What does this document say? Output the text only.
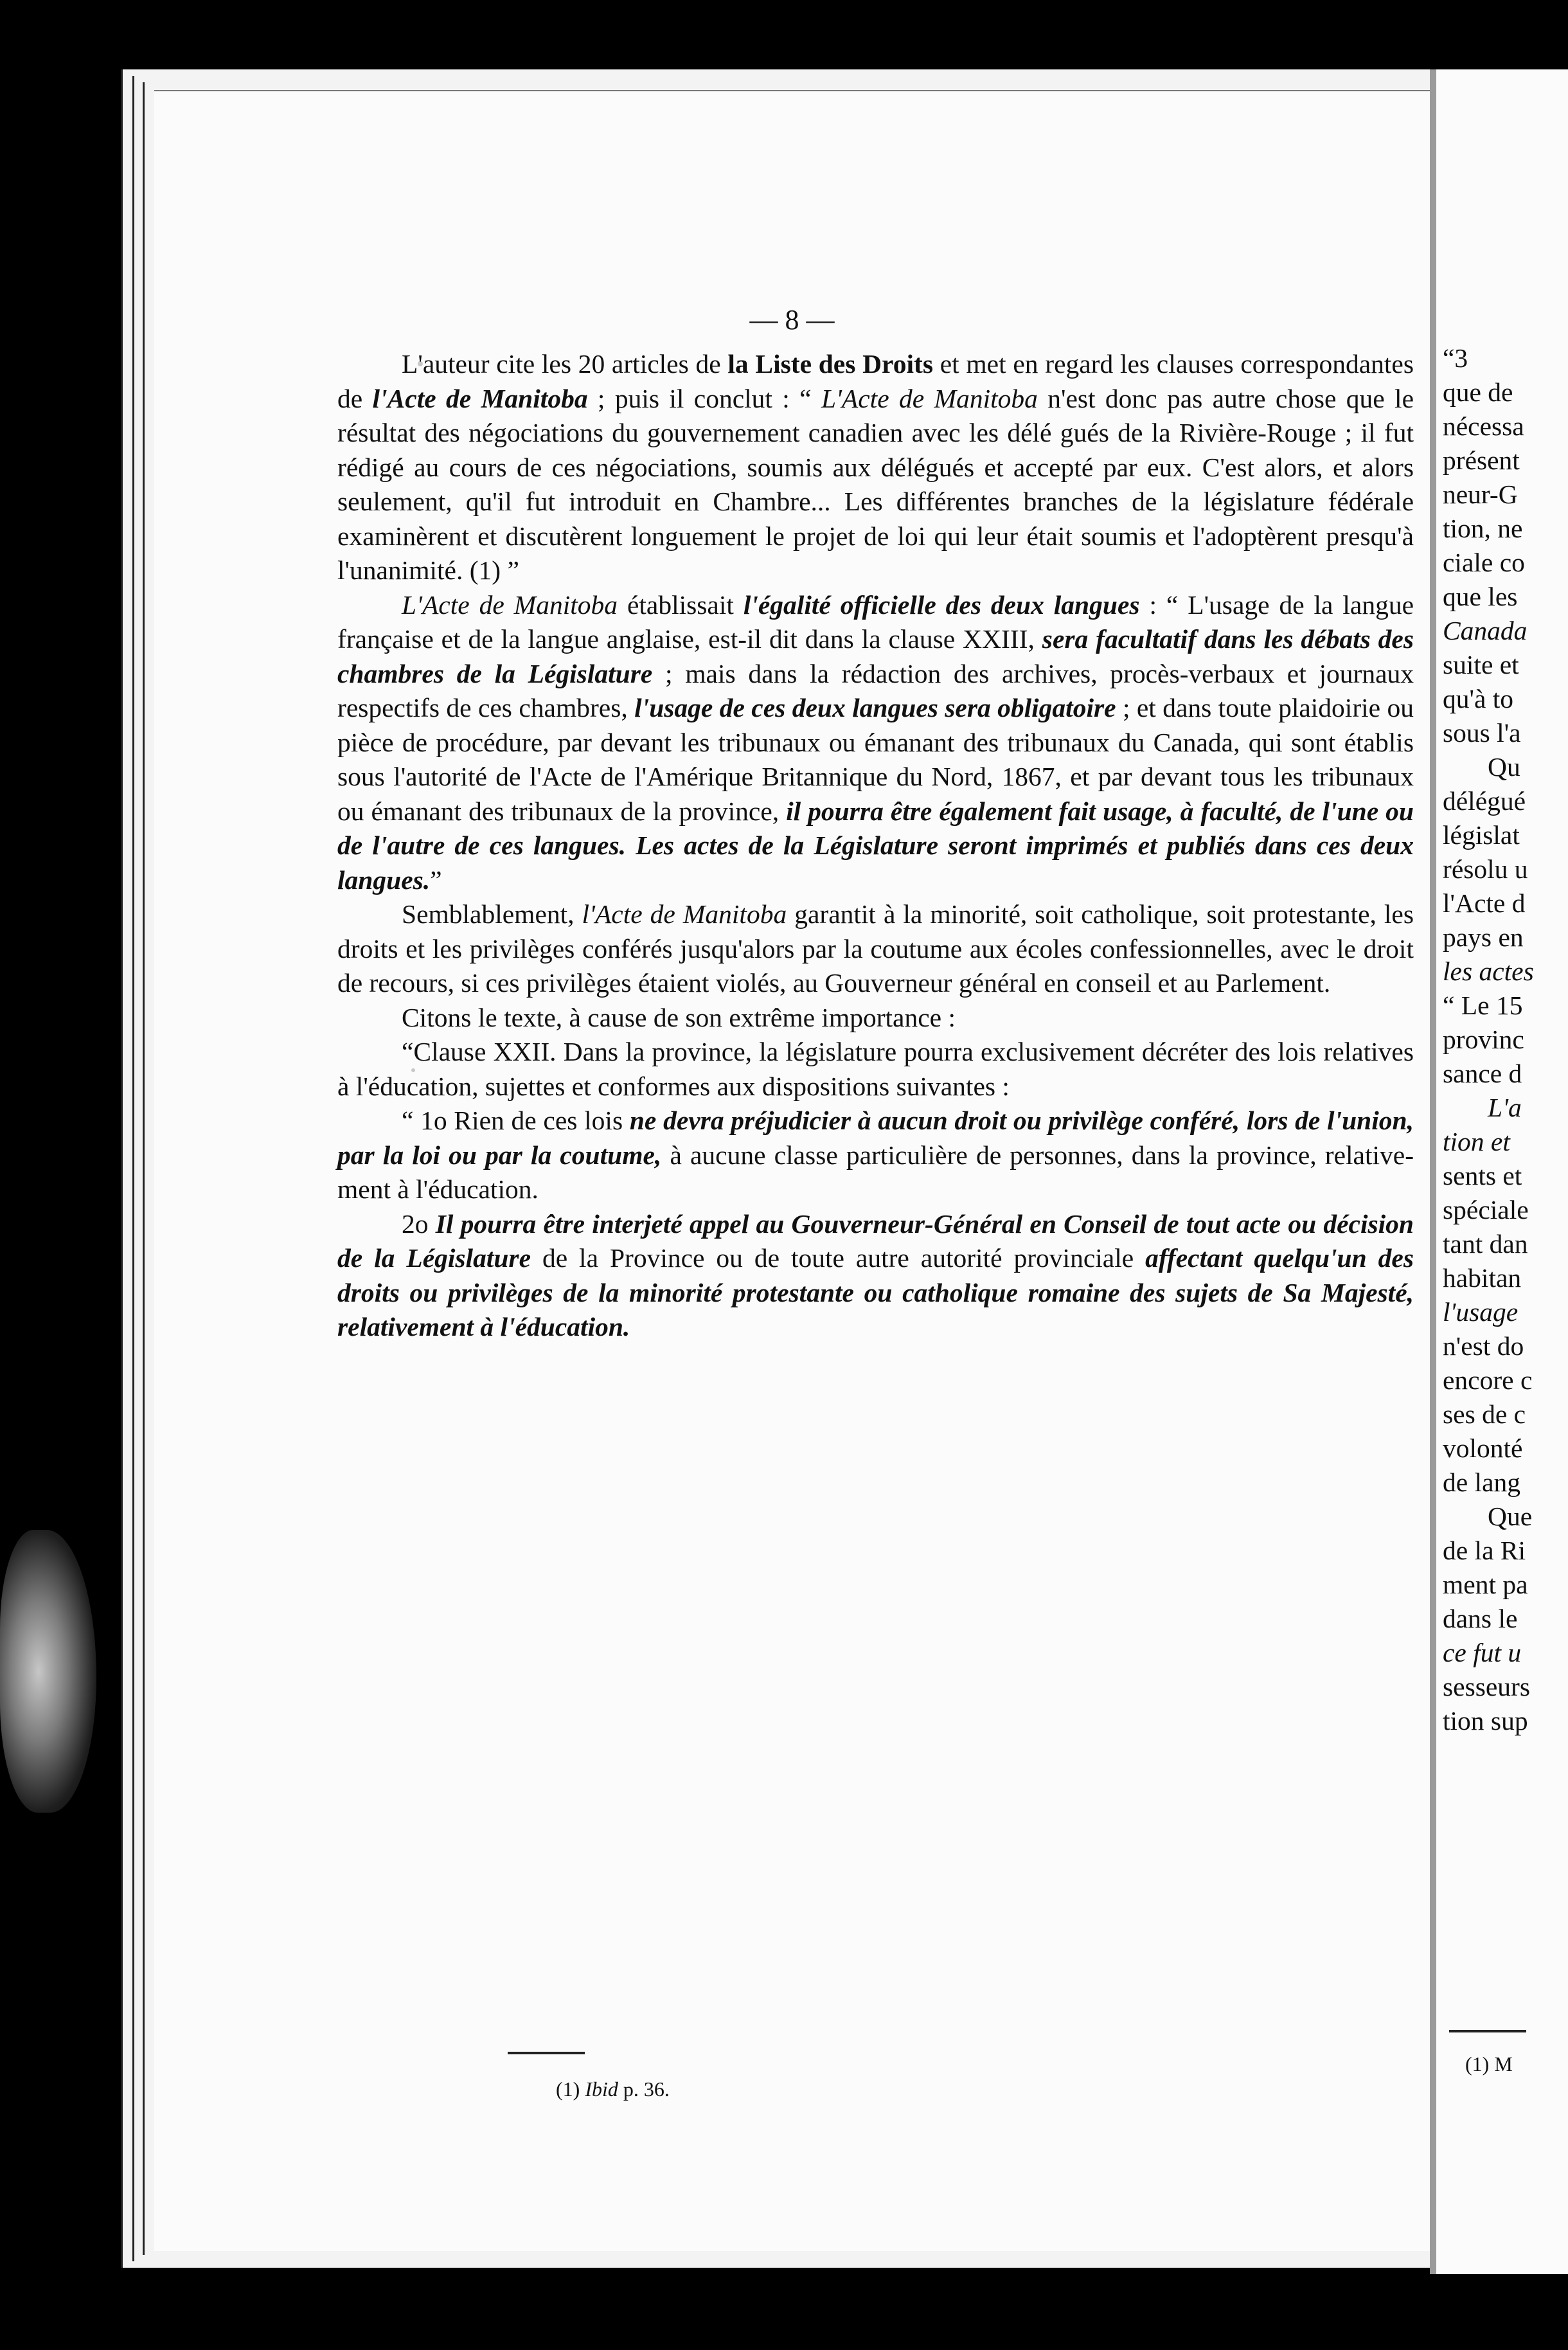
— 8 —
(1) Ibid p. 36.

L'auteur cite les 20 articles de la Liste des Droits et met en regard les clauses correspondantes de l'Acte de Manitoba ; puis il conclut : “ L'Acte de Manitoba n'est donc pas autre chose que le résultat des négociations du gouvernement canadien avec les délé gués de la Rivière-Rouge ; il fut rédigé au cours de ces négociations, soumis aux délégués et accepté par eux. C'est alors, et alors seulement, qu'il fut introduit en Chambre... Les différentes branches de la législature fédérale examinèrent et discutèrent longuement le projet de loi qui leur était soumis et l'adoptèrent presqu'à l'unanimité. (1) ”

L'Acte de Manitoba établissait l'égalité officielle des deux langues : “ L'usage de la langue française et de la langue anglaise, est-il dit dans la clause XXIII, sera facultatif dans les débats des chambres de la Législature ; mais dans la rédaction des archives, procès-verbaux et journaux respectifs de ces chambres, l'usage de ces deux langues sera obligatoire ; et dans toute plaidoirie ou pièce de procédure, par devant les tribunaux ou émanant des tribunaux du Canada, qui sont établis sous l'autorité de l'Acte de l'Amérique Britannique du Nord, 1867, et par devant tous les tribunaux ou émanant des tribunaux de la province, il pourra être également fait usage, à faculté, de l'une ou de l'autre de ces langues. Les actes de la Législature seront imprimés et publiés dans ces deux langues.”

Semblablement, l'Acte de Manitoba garantit à la minorité, soit catholique, soit protestante, les droits et les privilèges conférés jusqu'alors par la coutume aux écoles confessionnelles, avec le droit de recours, si ces privilèges étaient violés, au Gouverneur général en conseil et au Parlement.

Citons le texte, à cause de son extrême importance :

“Clause XXII. Dans la province, la législature pourra exclusivement décréter des lois relatives à l'éducation, sujettes et conformes aux dispositions suivantes :

“ 1o Rien de ces lois ne devra préjudicier à aucun droit ou privilège conféré, lors de l'union, par la loi ou par la coutume, à aucune classe particulière de personnes, dans la province, relativement à l'éducation.

2o Il pourra être interjeté appel au Gouverneur-Général en Conseil de tout acte ou décision de la Législature de la Province ou de toute autre autorité provinciale affectant quelqu'un des droits ou privilèges de la minorité protestante ou catholique romaine des sujets de Sa Majesté, relativement à l'éducation.

(1) M
“3
que de
nécessa
présent
neur-G
tion, ne
ciale co
que les
Canada
suite et
qu'à to
sous l'a
Qu
délégué
législat
résolu u
l'Acte d
pays en
les actes
“ Le 15
provinc
sance d
L'a
tion et
sents et
spéciale
tant dan
habitan
l'usage
n'est do
encore c
ses de c
volonté
de lang
Que
de la Ri
ment pa
dans le
ce fut u
sesseurs
tion sup
